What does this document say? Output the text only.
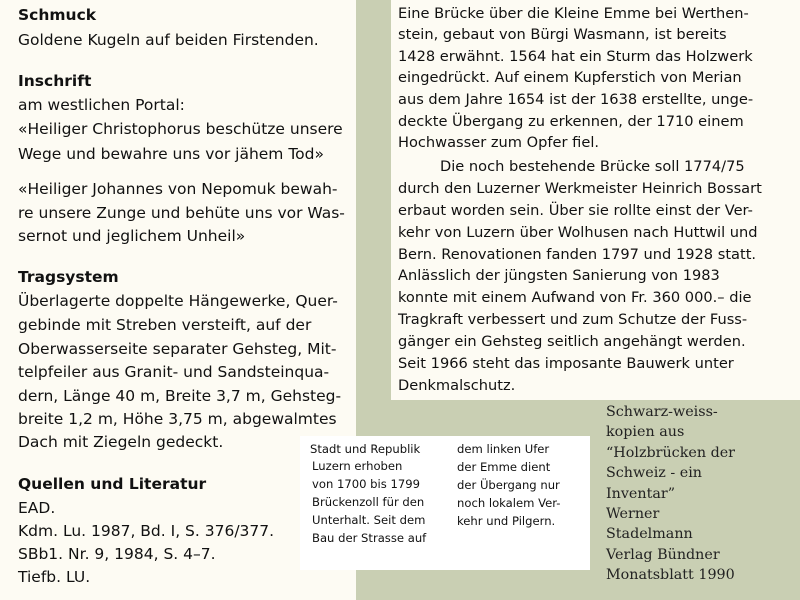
Schmuck

Goldene Kugeln auf beiden Firstenden.

Inschrift

am westlichen Portal:

«Heiliger Christophorus beschütze unsere

Wege und bewahre uns vor jähem Tod»

«Heiliger Johannes von Nepomuk bewah-

re unsere Zunge und behüte uns vor Was-

sernot und jeglichem Unheil»

Tragsystem

Überlagerte doppelte Hängewerke, Quer-

gebinde mit Streben versteift, auf der

Oberwasserseite separater Gehsteg, Mit-

telpfeiler aus Granit- und Sandsteinqua-

dern, Länge 40 m, Breite 3,7 m, Gehsteg-

breite 1,2 m, Höhe 3,75 m, abgewalmtes

Dach mit Ziegeln gedeckt.

Quellen und Literatur

EAD.

Kdm. Lu. 1987, Bd. I, S. 376/377.

SBb1. Nr. 9, 1984, S. 4–7.

Tiefb. LU.

Eine Brücke über die Kleine Emme bei Werthen-

stein, gebaut von Bürgi Wasmann, ist bereits

1428 erwähnt. 1564 hat ein Sturm das Holzwerk

eingedrückt. Auf einem Kupferstich von Merian

aus dem Jahre 1654 ist der 1638 erstellte, unge-

deckte Übergang zu erkennen, der 1710 einem

Hochwasser zum Opfer fiel.

Die noch bestehende Brücke soll 1774/75

durch den Luzerner Werkmeister Heinrich Bossart

erbaut worden sein. Über sie rollte einst der Ver-

kehr von Luzern über Wolhusen nach Huttwil und

Bern. Renovationen fanden 1797 und 1928 statt.

Anlässlich der jüngsten Sanierung von 1983

konnte mit einem Aufwand von Fr. 360 000.– die

Tragkraft verbessert und zum Schutze der Fuss-

gänger ein Gehsteg seitlich angehängt werden.

Seit 1966 steht das imposante Bauwerk unter

Denkmalschutz.

Stadt und Republik

Luzern erhoben

von 1700 bis 1799

Brückenzoll für den

Unterhalt. Seit dem

Bau der Strasse auf

dem linken Ufer

der Emme dient

der Übergang nur

noch lokalem Ver-

kehr und Pilgern.

Schwarz-weiss-
kopien aus
“Holzbrücken der
Schweiz - ein
Inventar”
Werner
Stadelmann
Verlag Bündner
Monatsblatt 1990
